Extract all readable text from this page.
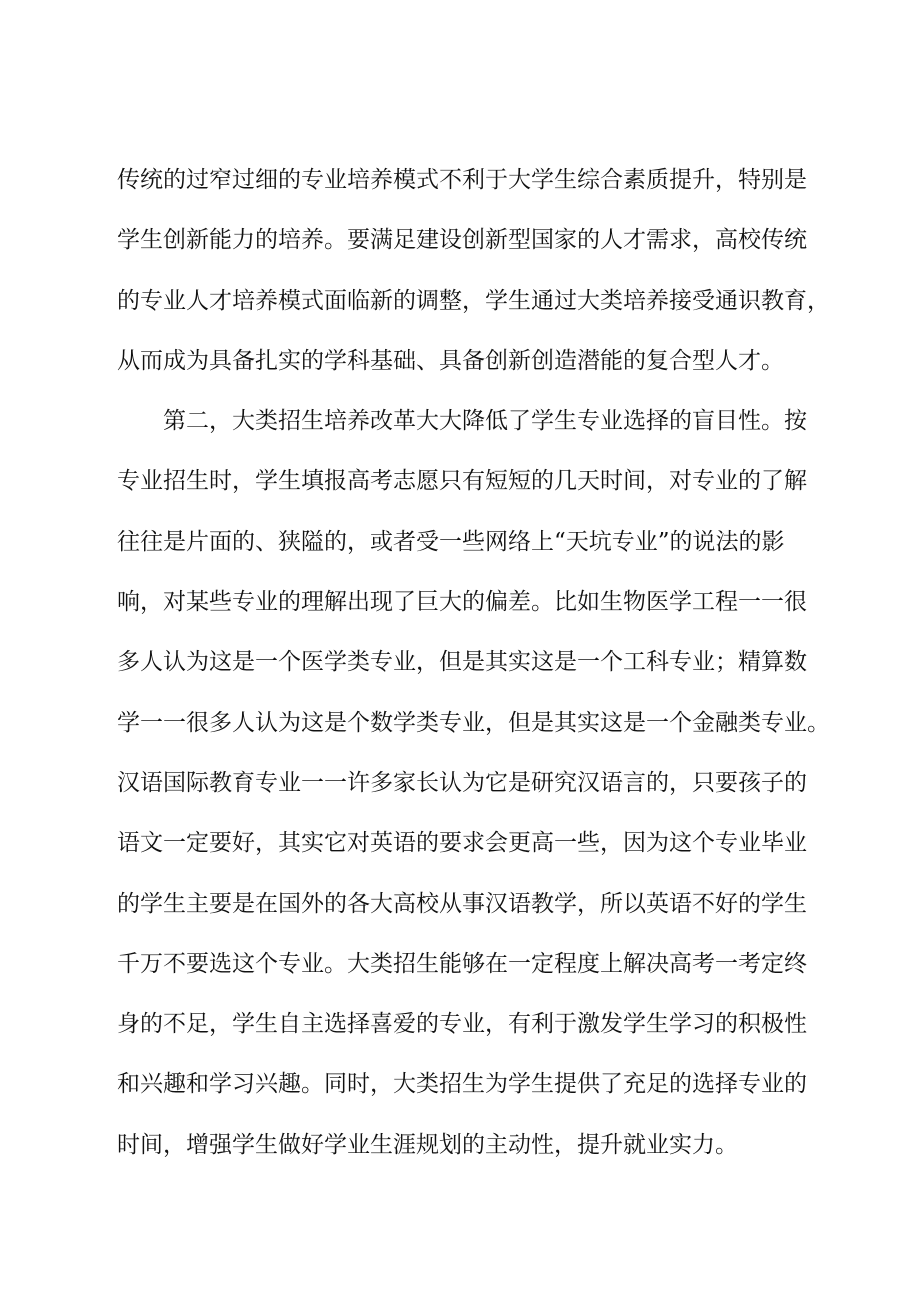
传统的过窄过细的专业培养模式不利于大学生综合素质提升，特别是
学生创新能力的培养。要满足建设创新型国家的人才需求，高校传统
的专业人才培养模式面临新的调整，学生通过大类培养接受通识教育，
从而成为具备扎实的学科基础、具备创新创造潜能的复合型人才。
　　第二，大类招生培养改革大大降低了学生专业选择的盲目性。按
专业招生时，学生填报高考志愿只有短短的几天时间，对专业的了解
往往是片面的、狭隘的，或者受一些网络上“天坑专业”的说法的影
响，对某些专业的理解出现了巨大的偏差。比如生物医学工程一一很
多人认为这是一个医学类专业，但是其实这是一个工科专业；精算数
学一一很多人认为这是个数学类专业，但是其实这是一个金融类专业。
汉语国际教育专业一一许多家长认为它是研究汉语言的，只要孩子的
语文一定要好，其实它对英语的要求会更高一些，因为这个专业毕业
的学生主要是在国外的各大高校从事汉语教学，所以英语不好的学生
千万不要选这个专业。大类招生能够在一定程度上解决高考一考定终
身的不足，学生自主选择喜爱的专业，有利于激发学生学习的积极性
和兴趣和学习兴趣。同时，大类招生为学生提供了充足的选择专业的
时间，增强学生做好学业生涯规划的主动性，提升就业实力。
